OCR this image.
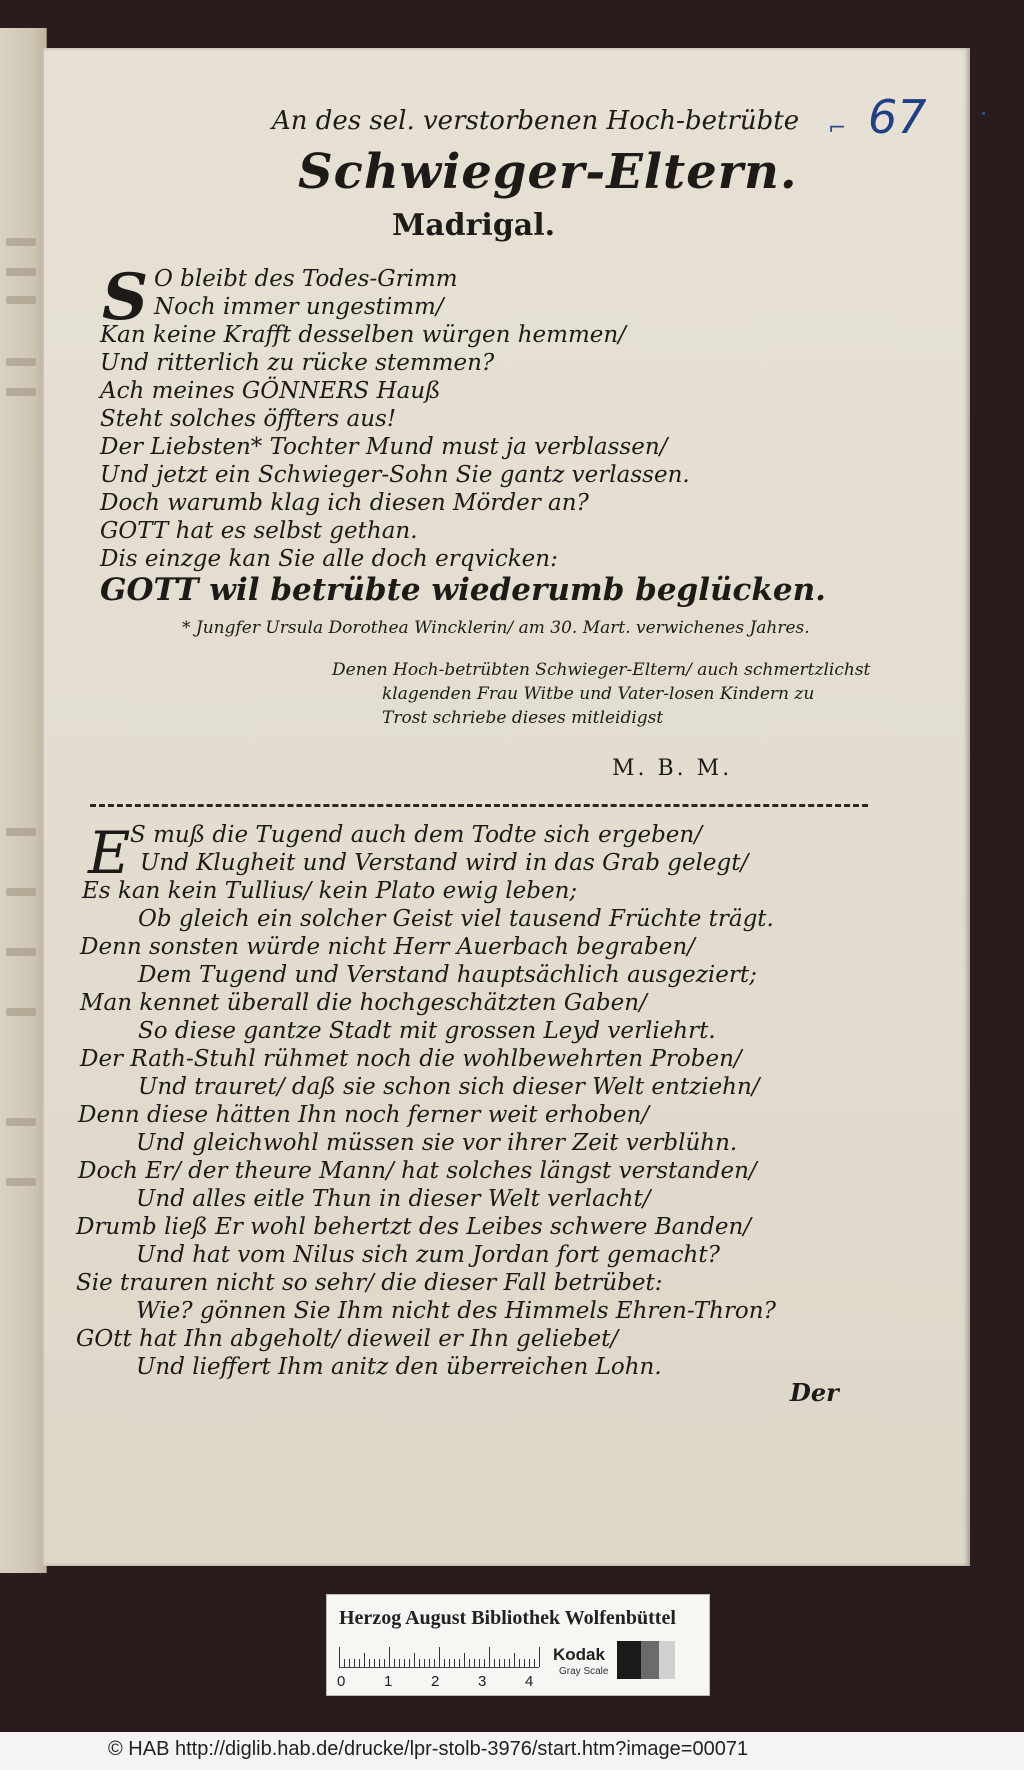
⌐ 67 ˙
An des sel. verstorbenen Hoch-betrübte
Schwieger-Eltern.
Madrigal.
S O bleibt des Todes-Grimm
Noch immer ungestimm/
Kan keine Krafft desselben würgen hemmen/
Und ritterlich zu rücke stemmen?
Ach meines GÖNNERS Hauß
Steht solches öffters aus!
Der Liebsten* Tochter Mund must ja verblassen/
Und jetzt ein Schwieger-Sohn Sie gantz verlassen.
Doch warumb klag ich diesen Mörder an?
GOTT hat es selbst gethan.
Dis einzge kan Sie alle doch erqvicken:
GOTT wil betrübte wiederumb beglücken.
* Jungfer Ursula Dorothea Wincklerin/ am 30. Mart. verwichenes Jahres.
Denen Hoch-betrübten Schwieger-Eltern/ auch schmertzlichst
klagenden Frau Witbe und Vater-losen Kindern zu
Trost schriebe dieses mitleidigst
M. B. M.
E S muß die Tugend auch dem Todte sich ergeben/
Und Klugheit und Verstand wird in das Grab gelegt/
Es kan kein Tullius/ kein Plato ewig leben;
Ob gleich ein solcher Geist viel tausend Früchte trägt.
Denn sonsten würde nicht Herr Auerbach begraben/
Dem Tugend und Verstand hauptsächlich ausgeziert;
Man kennet überall die hochgeschätzten Gaben/
So diese gantze Stadt mit grossen Leyd verliehrt.
Der Rath-Stuhl rühmet noch die wohlbewehrten Proben/
Und trauret/ daß sie schon sich dieser Welt entziehn/
Denn diese hätten Ihn noch ferner weit erhoben/
Und gleichwohl müssen sie vor ihrer Zeit verblühn.
Doch Er/ der theure Mann/ hat solches längst verstanden/
Und alles eitle Thun in dieser Welt verlacht/
Drumb ließ Er wohl behertzt des Leibes schwere Banden/
Und hat vom Nilus sich zum Jordan fort gemacht?
Sie trauren nicht so sehr/ die dieser Fall betrübet:
Wie? gönnen Sie Ihm nicht des Himmels Ehren-Thron?
GOtt hat Ihn abgeholt/ dieweil er Ihn geliebet/
Und lieffert Ihm anitz den überreichen Lohn.
Der
Herzog August Bibliothek Wolfenbüttel
0	1	2	3	4
Kodak
Gray Scale
© HAB http://diglib.hab.de/drucke/lpr-stolb-3976/start.htm?image=00071
